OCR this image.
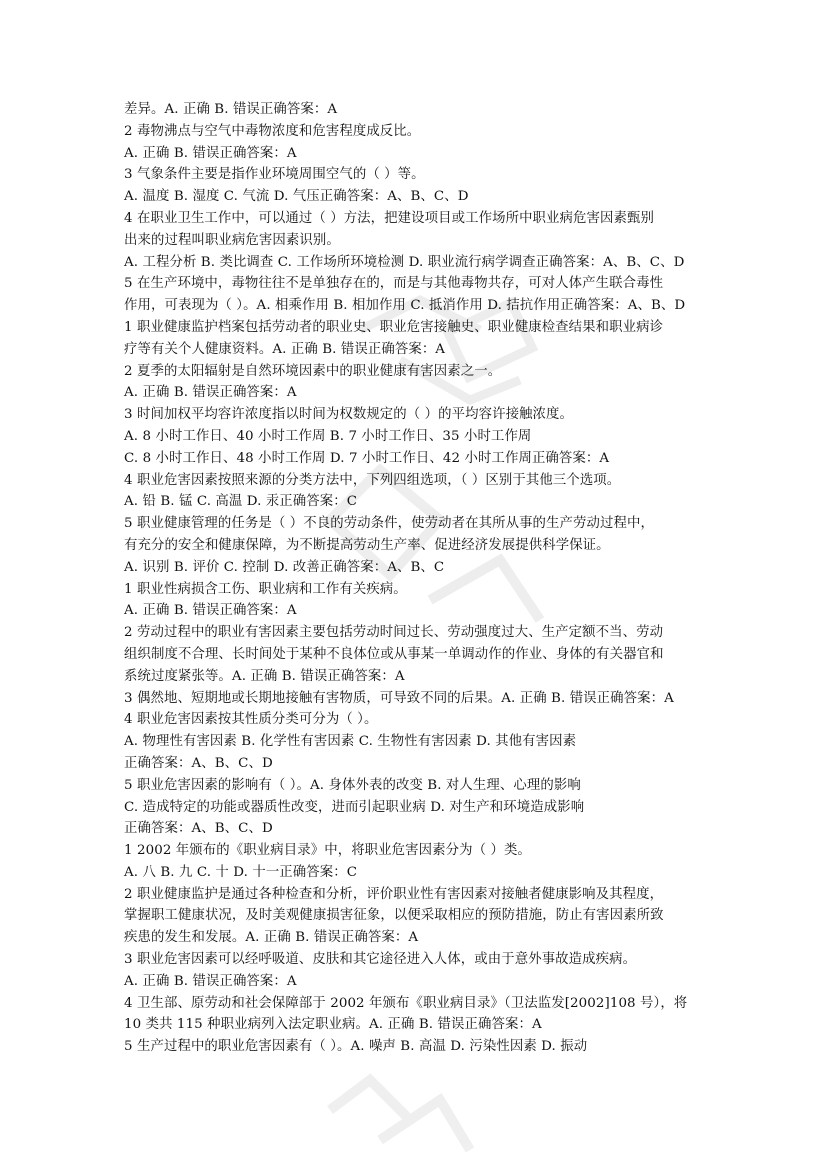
差异。A. 正确 B. 错误正确答案：A
2 毒物沸点与空气中毒物浓度和危害程度成反比。
A. 正确 B. 错误正确答案：A
3 气象条件主要是指作业环境周围空气的（ ）等。
A. 温度 B. 湿度 C. 气流 D. 气压正确答案：A、B、C、D
4 在职业卫生工作中，可以通过（ ）方法，把建设项目或工作场所中职业病危害因素甄别
出来的过程叫职业病危害因素识别。
A. 工程分析 B. 类比调查 C. 工作场所环境检测 D. 职业流行病学调查正确答案：A、B、C、D
5 在生产环境中，毒物往往不是单独存在的，而是与其他毒物共存，可对人体产生联合毒性
作用，可表现为（ ）。A. 相乘作用 B. 相加作用 C. 抵消作用 D. 拮抗作用正确答案：A、B、D
1 职业健康监护档案包括劳动者的职业史、职业危害接触史、职业健康检查结果和职业病诊
疗等有关个人健康资料。A. 正确 B. 错误正确答案：A
2 夏季的太阳辐射是自然环境因素中的职业健康有害因素之一。
A. 正确 B. 错误正确答案：A
3 时间加权平均容许浓度指以时间为权数规定的（ ）的平均容许接触浓度。
A. 8 小时工作日、40 小时工作周 B. 7 小时工作日、35 小时工作周
C. 8 小时工作日、48 小时工作周 D. 7 小时工作日、42 小时工作周正确答案：A
4 职业危害因素按照来源的分类方法中，下列四组选项，（ ）区别于其他三个选项。
A. 铅 B. 锰 C. 高温 D. 汞正确答案：C
5 职业健康管理的任务是（ ）不良的劳动条件，使劳动者在其所从事的生产劳动过程中，
有充分的安全和健康保障，为不断提高劳动生产率、促进经济发展提供科学保证。
A. 识别 B. 评价 C. 控制 D. 改善正确答案：A、B、C
1 职业性病损含工伤、职业病和工作有关疾病。
A. 正确 B. 错误正确答案：A
2 劳动过程中的职业有害因素主要包括劳动时间过长、劳动强度过大、生产定额不当、劳动
组织制度不合理、长时间处于某种不良体位或从事某一单调动作的作业、身体的有关器官和
系统过度紧张等。A. 正确 B. 错误正确答案：A
3 偶然地、短期地或长期地接触有害物质，可导致不同的后果。A. 正确 B. 错误正确答案：A
4 职业危害因素按其性质分类可分为（ ）。
A. 物理性有害因素 B. 化学性有害因素 C. 生物性有害因素 D. 其他有害因素
正确答案：A、B、C、D
5 职业危害因素的影响有（ ）。A. 身体外表的改变 B. 对人生理、心理的影响
C. 造成特定的功能或器质性改变，进而引起职业病 D. 对生产和环境造成影响
正确答案：A、B、C、D
1 2002 年颁布的《职业病目录》中，将职业危害因素分为（ ）类。
A. 八 B. 九 C. 十 D. 十一正确答案：C
2 职业健康监护是通过各种检查和分析，评价职业性有害因素对接触者健康影响及其程度，
掌握职工健康状况，及时美观健康损害征象，以便采取相应的预防措施，防止有害因素所致
疾患的发生和发展。A. 正确 B. 错误正确答案：A
3 职业危害因素可以经呼吸道、皮肤和其它途径进入人体，或由于意外事故造成疾病。
A. 正确 B. 错误正确答案：A
4 卫生部、原劳动和社会保障部于 2002 年颁布《职业病目录》（卫法监发[2002]108 号），将
10 类共 115 种职业病列入法定职业病。A. 正确 B. 错误正确答案：A
5 生产过程中的职业危害因素有（ ）。A. 噪声 B. 高温 D. 污染性因素 D. 振动
